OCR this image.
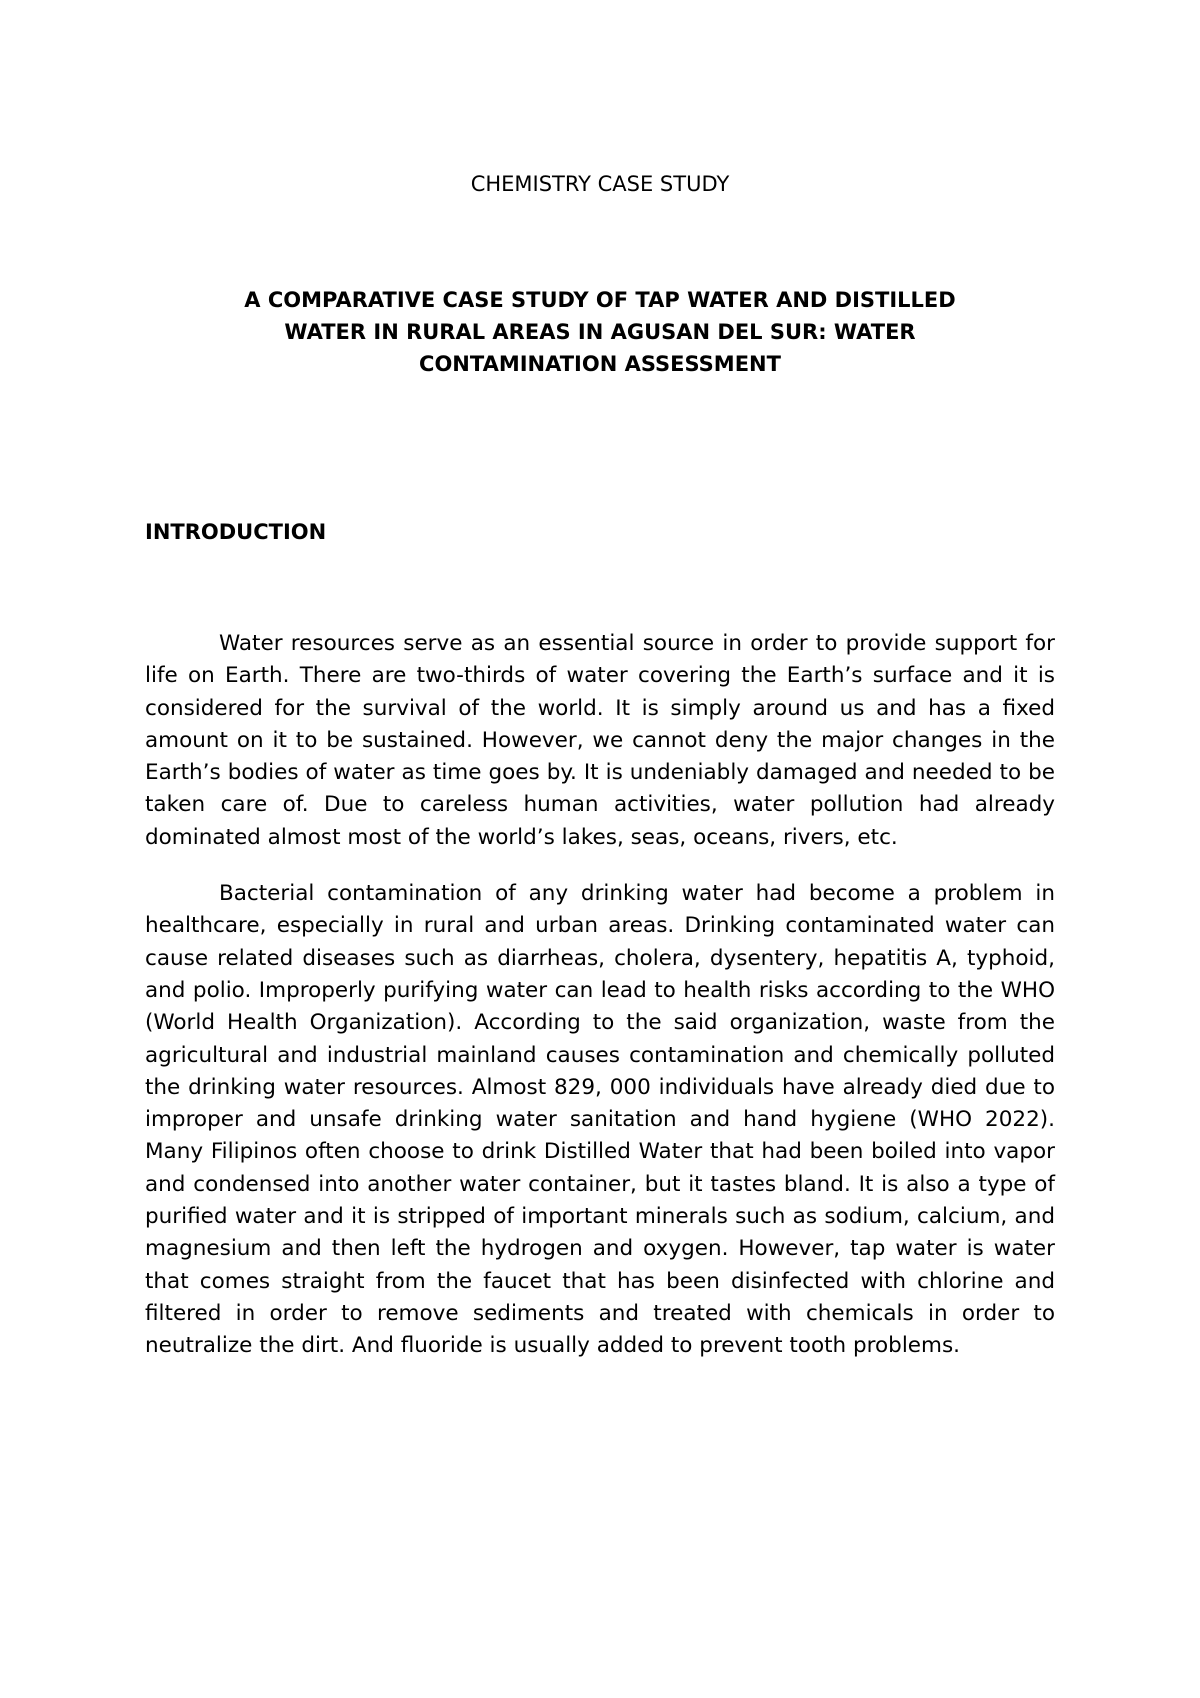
CHEMISTRY CASE STUDY
A COMPARATIVE CASE STUDY OF TAP WATER AND DISTILLED
WATER IN RURAL AREAS IN AGUSAN DEL SUR: WATER
CONTAMINATION ASSESSMENT
INTRODUCTION

Water resources serve as an essential source in order to provide support for life on Earth. There are two-thirds of water covering the Earth’s surface and it is considered for the survival of the world. It is simply around us and has a fixed amount on it to be sustained. However, we cannot deny the major changes in the Earth’s bodies of water as time goes by. It is undeniably damaged and needed to be taken care of. Due to careless human activities, water pollution had already dominated almost most of the world’s lakes, seas, oceans, rivers, etc.

Bacterial contamination of any drinking water had become a problem in healthcare, especially in rural and urban areas. Drinking contaminated water can cause related diseases such as diarrheas, cholera, dysentery, hepatitis A, typhoid, and polio. Improperly purifying water can lead to health risks according to the WHO (World Health Organization). According to the said organization, waste from the agricultural and industrial mainland causes contamination and chemically polluted the drinking water resources. Almost 829, 000 individuals have already died due to improper and unsafe drinking water sanitation and hand hygiene (WHO 2022). Many Filipinos often choose to drink Distilled Water that had been boiled into vapor and condensed into another water container, but it tastes bland. It is also a type of purified water and it is stripped of important minerals such as sodium, calcium, and magnesium and then left the hydrogen and oxygen. However, tap water is water that comes straight from the faucet that has been disinfected with chlorine and filtered in order to remove sediments and treated with chemicals in order to neutralize the dirt. And fluoride is usually added to prevent tooth problems.
